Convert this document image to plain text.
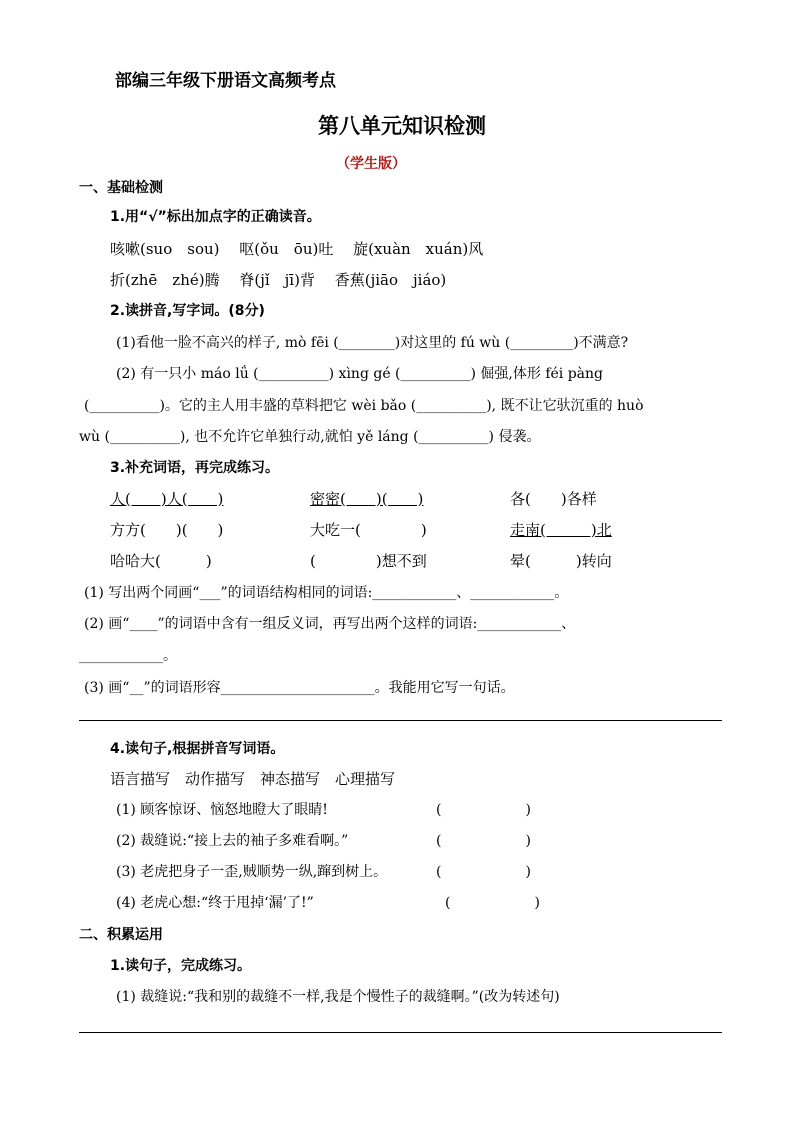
部编三年级下册语文高频考点
第八单元知识检测
（学生版）
一、基础检测
1.用“√”标出加点字的正确读音。
咳嗽(suo　sou)　 呕(ǒu　ōu)吐　 旋(xuàn　xuán)风
折(zhē　zhé)腾　 脊(jǐ　jī)背　 香蕉(jiāo　jiáo)
2.读拼音,写字词。(8分)
(1)看他一脸不高兴的样子, mò fēi (________)对这里的 fú wù (_________)不满意?
(2) 有一只小 máo lǘ (__________) xìng gé (__________) 倔强,体形 féi pàng
(__________)。它的主人用丰盛的草料把它 wèi bǎo (__________), 既不让它驮沉重的 huò
wù (__________), 也不允许它单独行动,就怕 yě láng (__________) 侵袭。
3.补充词语，再完成练习。
人(　　)人(　　)	密密(　　)(　　)	各(　　)各样
方方(　　)(　　)	大吃一(　　　　)	走南(　　　)北
哈哈大(　　　)	(　　　　)想不到	晕(　　　)转向
(1) 写出两个同画“___”的词语结构相同的词语:____________、____________。
(2) 画“____”的词语中含有一组反义词，再写出两个这样的词语:____________、
____________。
(3) 画“__”的词语形容______________________。我能用它写一句话。
4.读句子,根据拼音写词语。
语言描写　动作描写　神态描写　心理描写
(1) 顾客惊讶、恼怒地瞪大了眼睛!	(　　　　　　)
(2) 裁缝说:“接上去的袖子多难看啊。”	(　　　　　　)
(3) 老虎把身子一歪,贼顺势一纵,蹿到树上。	(　　　　　　)
(4) 老虎心想:“终于甩掉‘漏’了!”	(　　　　　　)
二、积累运用
1.读句子，完成练习。
(1) 裁缝说:“我和别的裁缝不一样,我是个慢性子的裁缝啊。”(改为转述句)
